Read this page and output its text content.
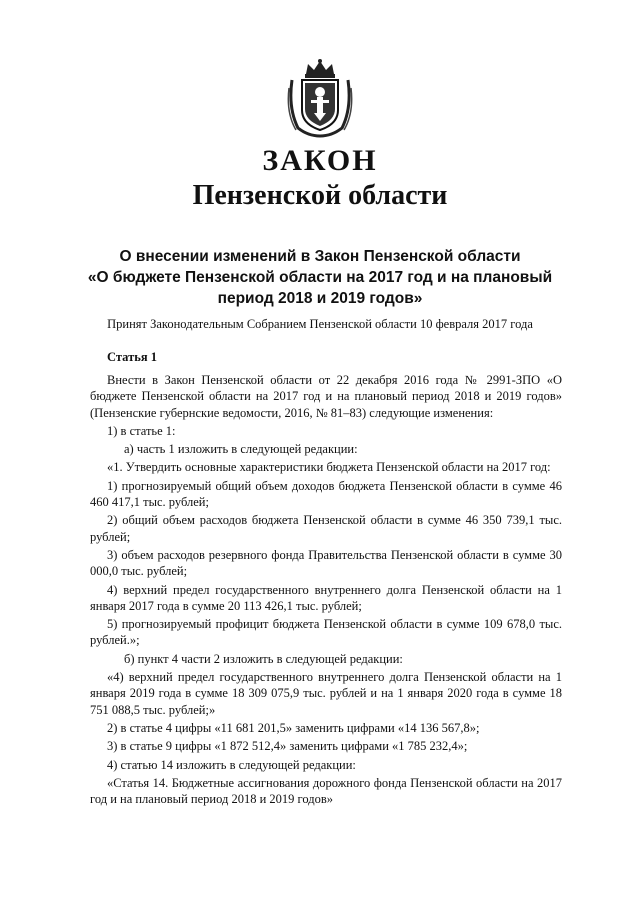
ЗАКОН
Пензенской области
О внесении изменений в Закон Пензенской области
«О бюджете Пензенской области на 2017 год и на плановый
период 2018 и 2019 годов»
Принят Законодательным Собранием Пензенской области 10 февраля 2017 года
Статья 1

Внести в Закон Пензенской области от 22 декабря 2016 года № 2991-ЗПО «О бюджете Пензенской области на 2017 год и на плановый период 2018 и 2019 годов» (Пензенские губернские ведомости, 2016, № 81–83) следующие изменения:

1) в статье 1:

а) часть 1 изложить в следующей редакции:

«1. Утвердить основные характеристики бюджета Пензенской области на 2017 год:

1) прогнозируемый общий объем доходов бюджета Пензенской области в сумме 46 460 417,1 тыс. рублей;

2) общий объем расходов бюджета Пензенской области в сумме 46 350 739,1 тыс. рублей;

3) объем расходов резервного фонда Правительства Пензенской области в сумме 30 000,0 тыс. рублей;

4) верхний предел государственного внутреннего долга Пензенской области на 1 января 2017 года в сумме 20 113 426,1 тыс. рублей;

5) прогнозируемый профицит бюджета Пензенской области в сумме 109 678,0 тыс. рублей.»;

б) пункт 4 части 2 изложить в следующей редакции:

«4) верхний предел государственного внутреннего долга Пензенской области на 1 января 2019 года в сумме 18 309 075,9 тыс. рублей и на 1 января 2020 года в сумме 18 751 088,5 тыс. рублей;»

2) в статье 4 цифры «11 681 201,5» заменить цифрами «14 136 567,8»;

3) в статье 9 цифры «1 872 512,4» заменить цифрами «1 785 232,4»;

4) статью 14 изложить в следующей редакции:

«Статья 14. Бюджетные ассигнования дорожного фонда Пензенской области на 2017 год и на плановый период 2018 и 2019 годов»
